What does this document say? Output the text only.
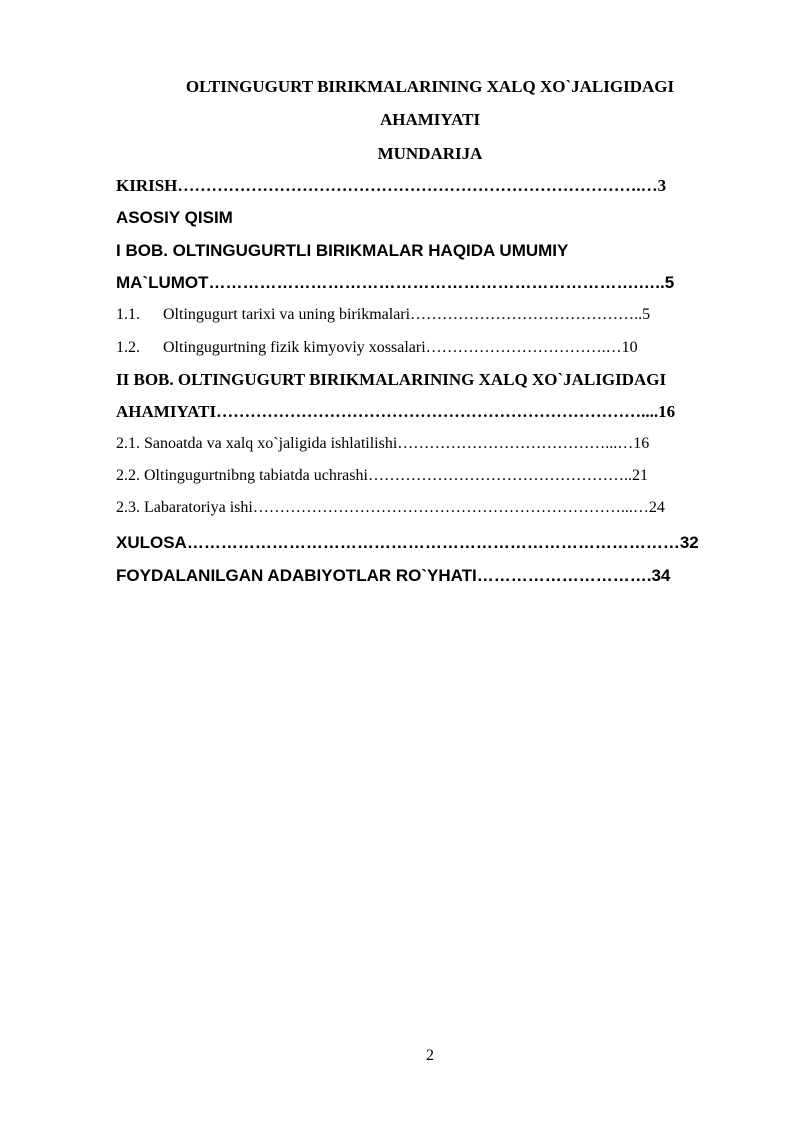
OLTINGUGURT BIRIKMALARINING XALQ XO`JALIGIDAGI
AHAMIYATI
MUNDARIJA
KIRISH……………………………………………………………………….…3
ASOSIY QISIM
I BOB. OLTINGUGURTLI BIRIKMALAR HAQIDA UMUMIY
MA`LUMOT………………………………………………………………….…..5
1.1. Oltingugurt tarixi va uning birikmalari……………………………………..5
1.2. Oltingugurtning fizik kimyoviy xossalari…………………………….…10
II BOB. OLTINGUGURT BIRIKMALARINING XALQ XO`JALIGIDAGI
AHAMIYATI…………………………………………………………………....16
2.1. Sanoatda va xalq xo`jaligida ishlatilishi…………………………………...…16
2.2. Oltingugurtnibng tabiatda uchrashi…………………………………………..21
2.3. Labaratoriya ishi……………………………………………………………...…24
XULOSA……………………………………………………………………………32
FOYDALANILGAN ADABIYOTLAR RO`YHATI………………………….34
2
